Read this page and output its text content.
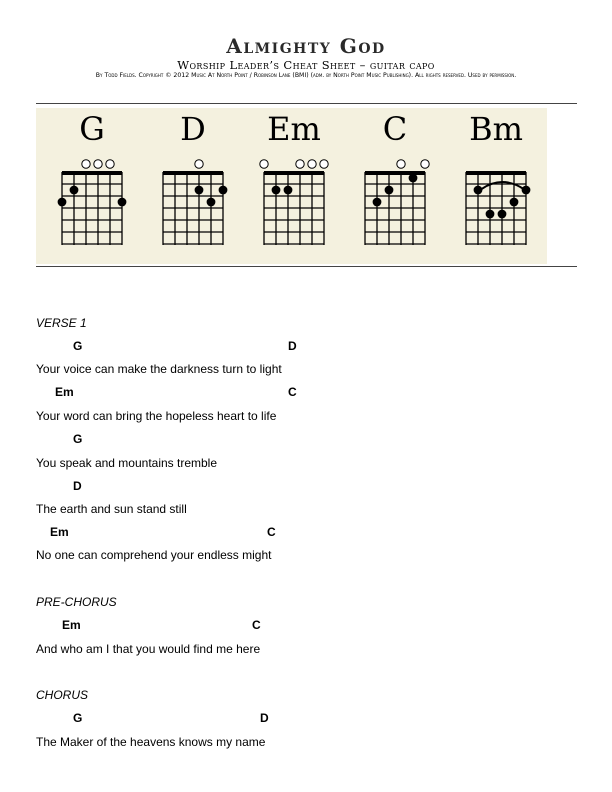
Almighty God
Worship Leader’s Cheat Sheet – guitar capo
By Todd Fields. Copyright © 2012 Music At North Point / Robinson Lane (BMI) (adm. by North Point Music Publishing). All rights reserved. Used by permission.
G D Em C Bm
VERSE 1
G	D
Your voice can make the darkness turn to light
Em	C
Your word can bring the hopeless heart to life
G
You speak and mountains tremble
D
The earth and sun stand still
Em	C
No one can comprehend your endless might
PRE-CHORUS
Em	C
And who am I that you would find me here
CHORUS
G	D
The Maker of the heavens knows my name
